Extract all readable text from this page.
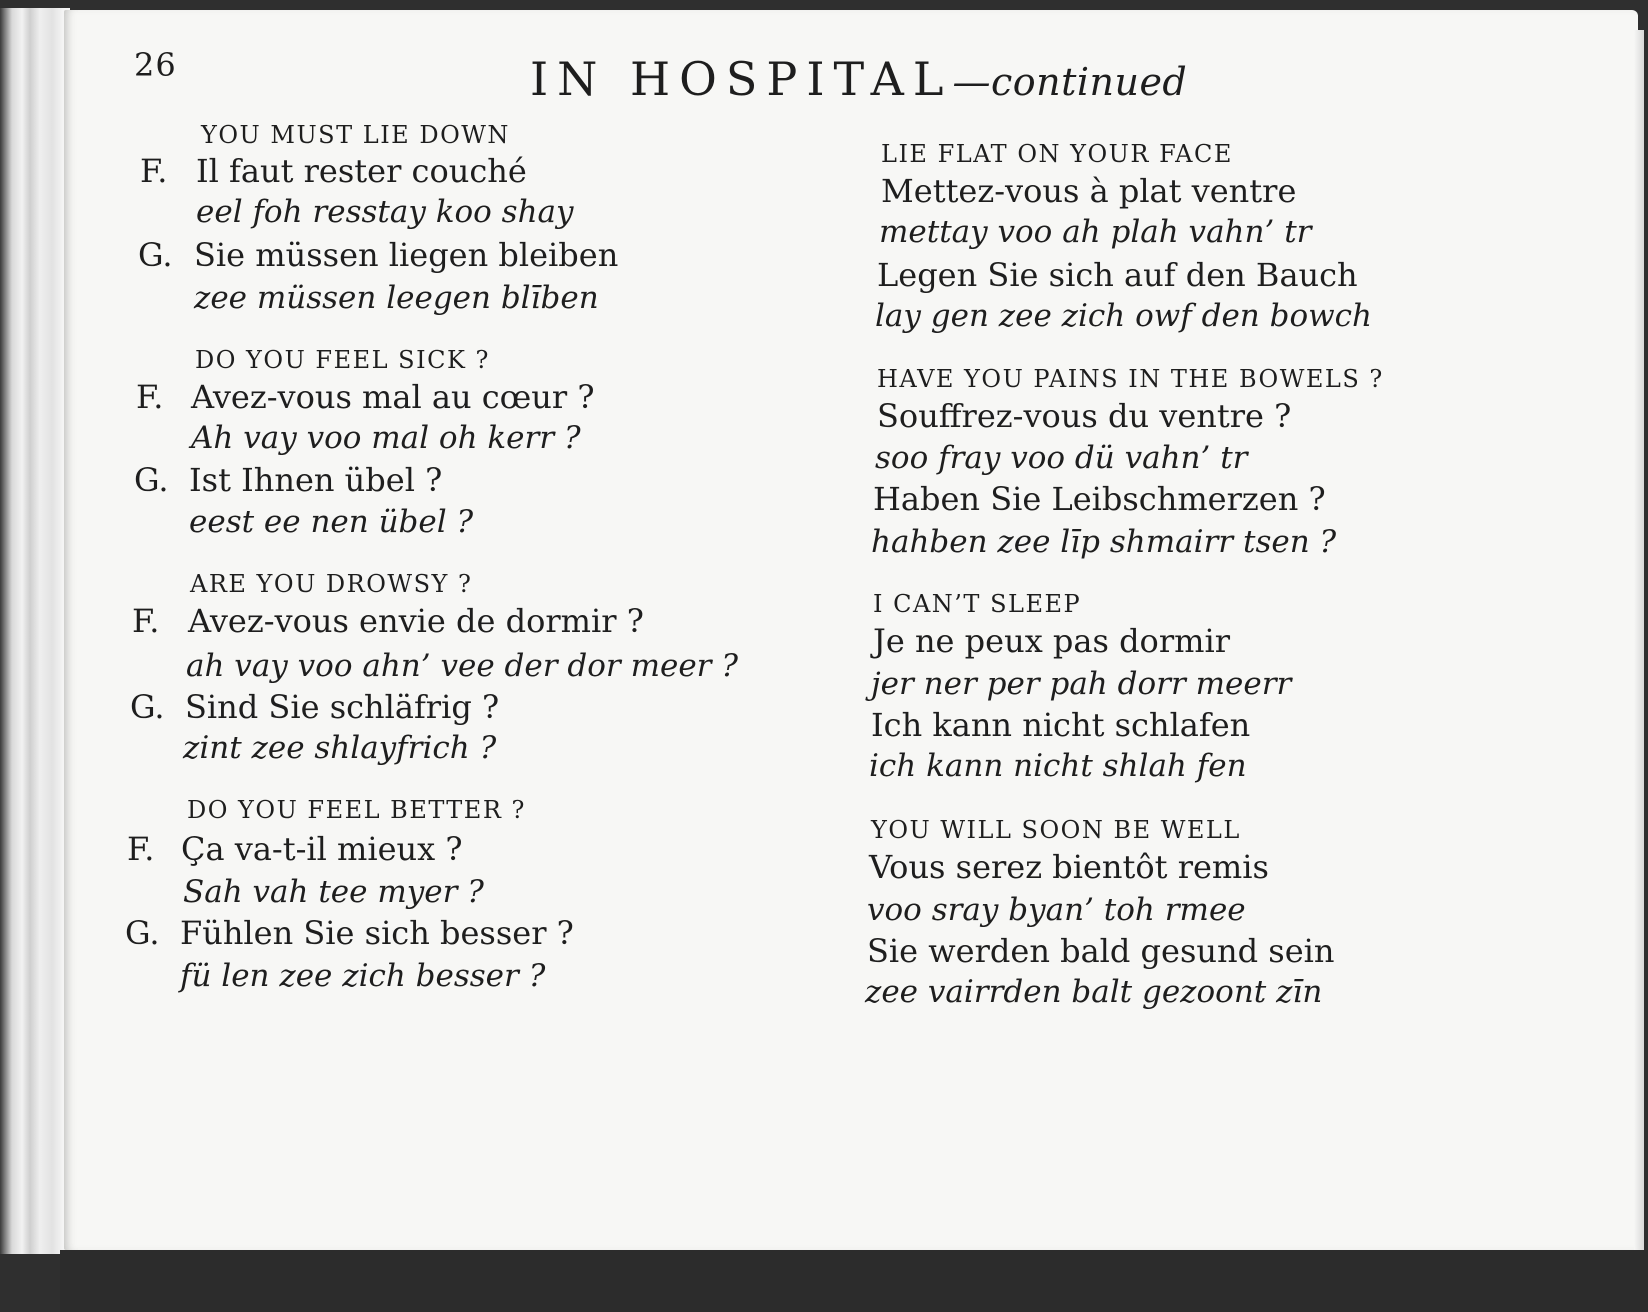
26	IN HOSPITAL—continued
YOU MUST LIE DOWN
F. Il faut rester couché
eel foh resstay koo shay
G. Sie müssen liegen bleiben
zee müssen leegen blīben
DO YOU FEEL SICK ?
F. Avez-vous mal au cœur ?
Ah vay voo mal oh kerr ?
G. Ist Ihnen übel ?
eest ee nen übel ?
ARE YOU DROWSY ?
F. Avez-vous envie de dormir ?
ah vay voo ahn’ vee der dor meer ?
G. Sind Sie schläfrig ?
zint zee shlayfrich ?
DO YOU FEEL BETTER ?
F. Ça va-t-il mieux ?
Sah vah tee myer ?
G. Fühlen Sie sich besser ?
fü len zee zich besser ?
LIE FLAT ON YOUR FACE
Mettez-vous à plat ventre
mettay voo ah plah vahn’ tr
Legen Sie sich auf den Bauch
lay gen zee zich owf den bowch
HAVE YOU PAINS IN THE BOWELS ?
Souffrez-vous du ventre ?
soo fray voo dü vahn’ tr
Haben Sie Leibschmerzen ?
hahben zee līp shmairr tsen ?
I CAN’T SLEEP
Je ne peux pas dormir
jer ner per pah dorr meerr
Ich kann nicht schlafen
ich kann nicht shlah fen
YOU WILL SOON BE WELL
Vous serez bientôt remis
voo sray byan’ toh rmee
Sie werden bald gesund sein
zee vairrden balt gezoont zīn
